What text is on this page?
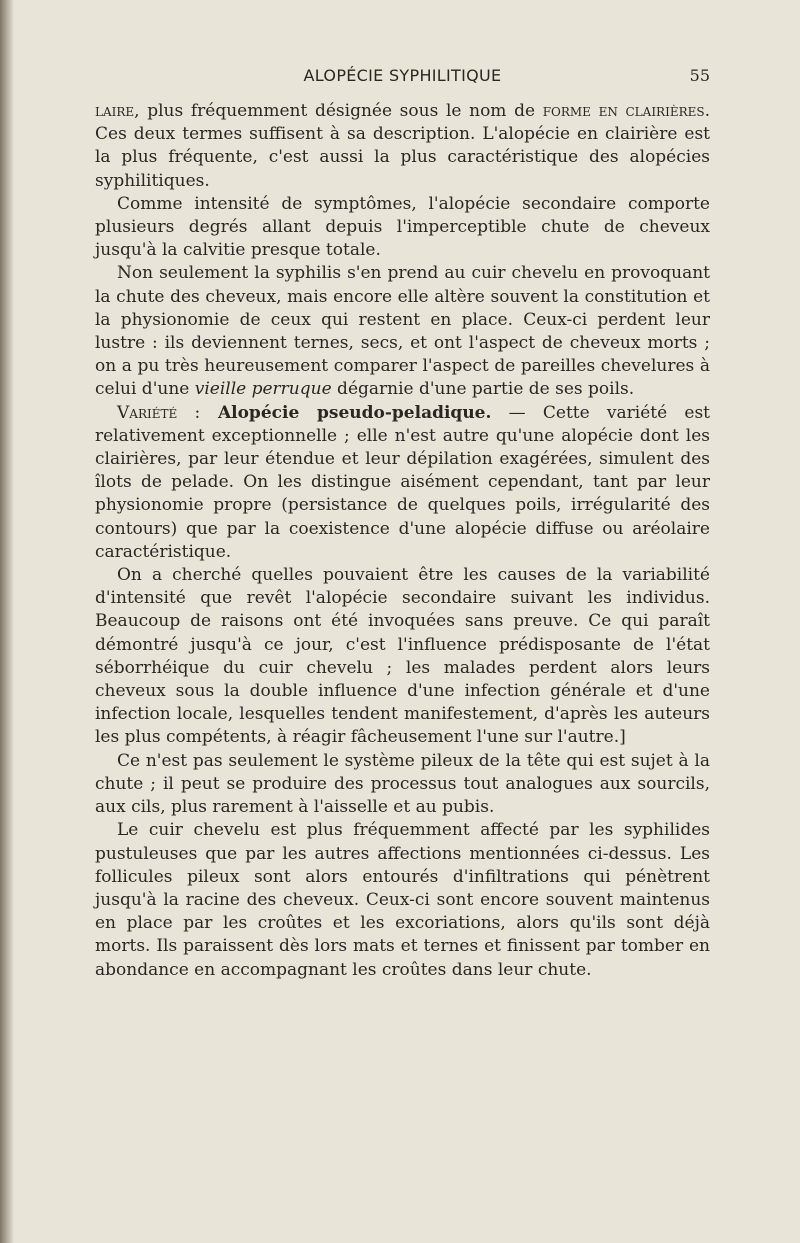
ALOPÉCIE SYPHILITIQUE	55

laire, plus fréquemment désignée sous le nom de forme en clairières. Ces deux termes suffisent à sa description. L'alopécie en clairière est la plus fréquente, c'est aussi la plus caractéristique des alopécies syphilitiques.

Comme intensité de symptômes, l'alopécie secondaire comporte plusieurs degrés allant depuis l'imperceptible chute de cheveux jusqu'à la calvitie presque totale.

Non seulement la syphilis s'en prend au cuir chevelu en provoquant la chute des cheveux, mais encore elle altère souvent la constitution et la physionomie de ceux qui restent en place. Ceux-ci perdent leur lustre : ils deviennent ternes, secs, et ont l'aspect de cheveux morts ; on a pu très heureusement comparer l'aspect de pareilles chevelures à celui d'une vieille perruque dégarnie d'une partie de ses poils.

Variété : Alopécie pseudo-peladique. — Cette variété est relativement exceptionnelle ; elle n'est autre qu'une alopécie dont les clairières, par leur étendue et leur dépilation exagérées, simulent des îlots de pelade. On les distingue aisément cependant, tant par leur physionomie propre (persistance de quelques poils, irrégularité des contours) que par la coexistence d'une alopécie diffuse ou aréolaire caractéristique.

On a cherché quelles pouvaient être les causes de la variabilité d'intensité que revêt l'alopécie secondaire suivant les individus. Beaucoup de raisons ont été invoquées sans preuve. Ce qui paraît démontré jusqu'à ce jour, c'est l'influence prédisposante de l'état séborrhéique du cuir chevelu ; les malades perdent alors leurs cheveux sous la double influence d'une infection générale et d'une infection locale, lesquelles tendent manifestement, d'après les auteurs les plus compétents, à réagir fâcheusement l'une sur l'autre.]

Ce n'est pas seulement le système pileux de la tête qui est sujet à la chute ; il peut se produire des processus tout analogues aux sourcils, aux cils, plus rarement à l'aisselle et au pubis.

Le cuir chevelu est plus fréquemment affecté par les syphilides pustuleuses que par les autres affections mentionnées ci-dessus. Les follicules pileux sont alors entourés d'infiltrations qui pénètrent jusqu'à la racine des cheveux. Ceux-ci sont encore souvent maintenus en place par les croûtes et les excoriations, alors qu'ils sont déjà morts. Ils paraissent dès lors mats et ternes et finissent par tomber en abondance en accompagnant les croûtes dans leur chute.
